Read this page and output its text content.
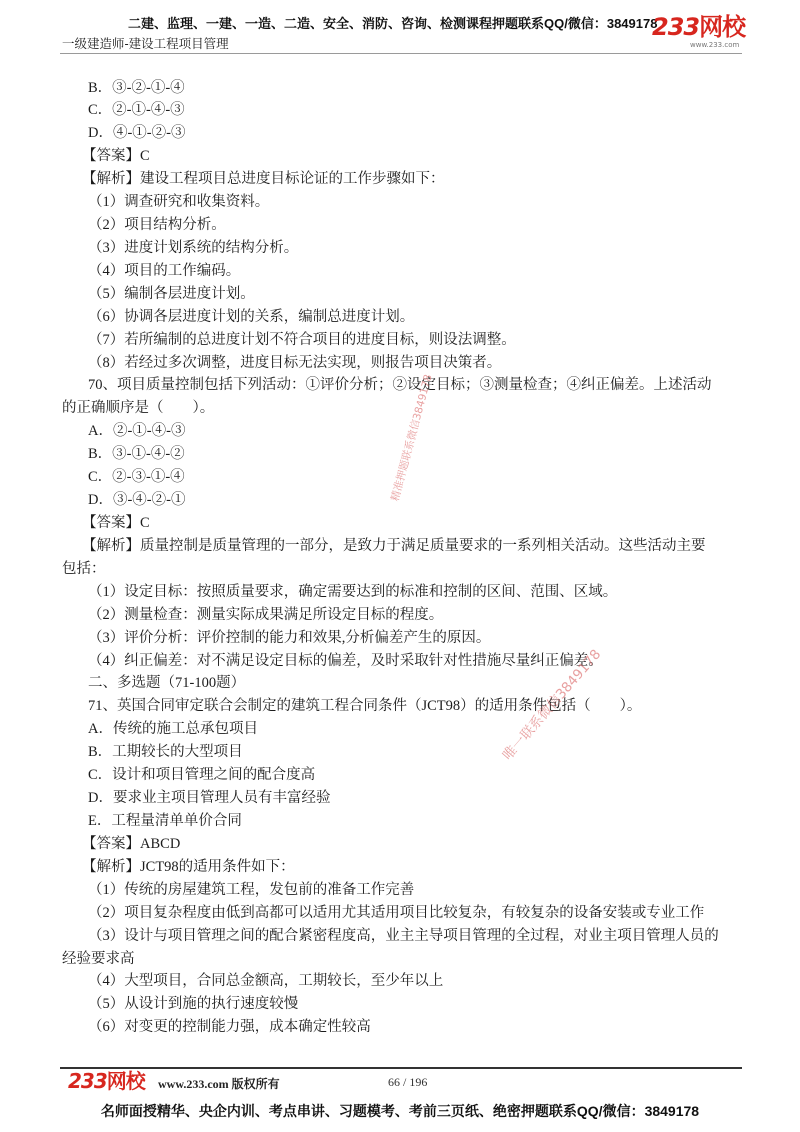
二建、监理、一建、一造、二造、安全、消防、咨询、检测课程押题联系QQ/微信：3849178
一级建造师-建设工程项目管理
233网校
www.233.com
B．③-②-①-④
C．②-①-④-③
D．④-①-②-③
【答案】C
【解析】建设工程项目总进度目标论证的工作步骤如下：
（1）调查研究和收集资料。
（2）项目结构分析。
（3）进度计划系统的结构分析。
（4）项目的工作编码。
（5）编制各层进度计划。
（6）协调各层进度计划的关系，编制总进度计划。
（7）若所编制的总进度计划不符合项目的进度目标，则设法调整。
（8）若经过多次调整，进度目标无法实现，则报告项目决策者。
70、项目质量控制包括下列活动：①评价分析；②设定目标；③测量检查；④纠正偏差。上述活动
的正确顺序是（　　）。
A．②-①-④-③
B．③-①-④-②
C．②-③-①-④
D．③-④-②-①
【答案】C
【解析】质量控制是质量管理的一部分，是致力于满足质量要求的一系列相关活动。这些活动主要
包括：
（1）设定目标：按照质量要求，确定需要达到的标准和控制的区间、范围、区域。
（2）测量检查：测量实际成果满足所设定目标的程度。
（3）评价分析：评价控制的能力和效果,分析偏差产生的原因。
（4）纠正偏差：对不满足设定目标的偏差，及时采取针对性措施尽量纠正偏差。
二、多选题（71-100题）
71、英国合同审定联合会制定的建筑工程合同条件（JCT98）的适用条件包括（　　）。
A．传统的施工总承包项目
B．工期较长的大型项目
C．设计和项目管理之间的配合度高
D．要求业主项目管理人员有丰富经验
E．工程量清单单价合同
【答案】ABCD
【解析】JCT98的适用条件如下：
（1）传统的房屋建筑工程，发包前的准备工作完善
（2）项目复杂程度由低到高都可以适用尤其适用项目比较复杂，有较复杂的设备安装或专业工作
（3）设计与项目管理之间的配合紧密程度高，业主主导项目管理的全过程，对业主项目管理人员的
经验要求高
（4）大型项目，合同总金额高，工期较长，至少年以上
（5）从设计到施的执行速度较慢
（6）对变更的控制能力强，成本确定性较高
精准押题联系微信3849178
唯一联系微信3849178
233网校 www.233.com 版权所有	66 / 196
名师面授精华、央企内训、考点串讲、习题模考、考前三页纸、绝密押题联系QQ/微信：3849178
